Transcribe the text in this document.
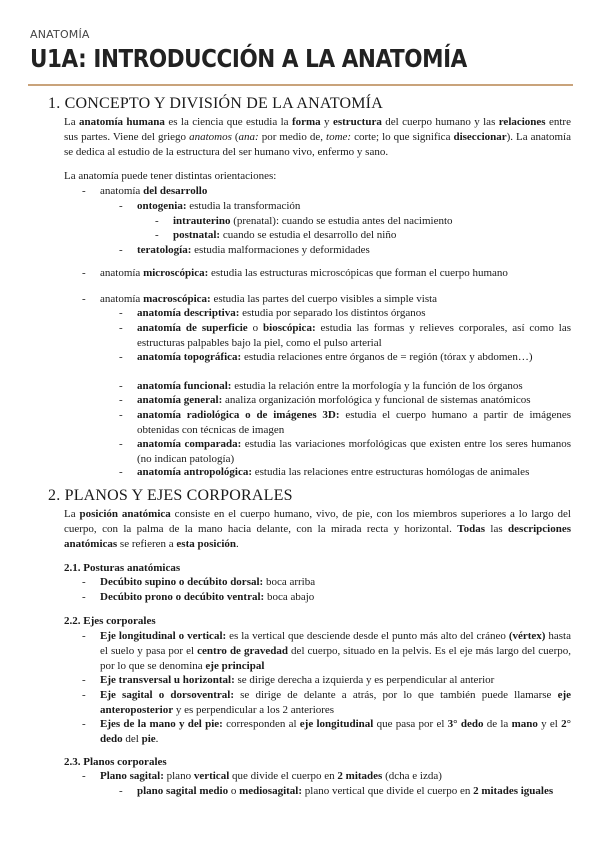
ANATOMÍA
U1A: INTRODUCCIÓN A LA ANATOMÍA
1. CONCEPTO Y DIVISIÓN DE LA ANATOMÍA
La anatomía humana es la ciencia que estudia la forma y estructura del cuerpo humano y las relaciones entre sus partes. Viene del griego anatomos (ana: por medio de, tome: corte; lo que significa diseccionar). La anatomía se dedica al estudio de la estructura del ser humano vivo, enfermo y sano.
La anatomía puede tener distintas orientaciones:
- anatomía del desarrollo
- ontogenia: estudia la transformación
- intrauterino (prenatal): cuando se estudia antes del nacimiento
- postnatal: cuando se estudia el desarrollo del niño
- teratología: estudia malformaciones y deformidades
- anatomía microscópica: estudia las estructuras microscópicas que forman el cuerpo humano
- anatomía macroscópica: estudia las partes del cuerpo visibles a simple vista
- anatomía descriptiva: estudia por separado los distintos órganos
- anatomía de superficie o bioscópica: estudia las formas y relieves corporales, así como las estructuras palpables bajo la piel, como el pulso arterial
- anatomía topográfica: estudia relaciones entre órganos de = región (tórax y abdomen…)
- anatomía funcional: estudia la relación entre la morfología y la función de los órganos
- anatomía general: analiza organización morfológica y funcional de sistemas anatómicos
- anatomía radiológica o de imágenes 3D: estudia el cuerpo humano a partir de imágenes obtenidas con técnicas de imagen
- anatomía comparada: estudia las variaciones morfológicas que existen entre los seres humanos (no indican patología)
- anatomía antropológica: estudia las relaciones entre estructuras homólogas de animales
2. PLANOS Y EJES CORPORALES
La posición anatómica consiste en el cuerpo humano, vivo, de pie, con los miembros superiores a lo largo del cuerpo, con la palma de la mano hacia delante, con la mirada recta y horizontal. Todas las descripciones anatómicas se refieren a esta posición.
2.1. Posturas anatómicas
- Decúbito supino o decúbito dorsal: boca arriba
- Decúbito prono o decúbito ventral: boca abajo
2.2. Ejes corporales
- Eje longitudinal o vertical: es la vertical que desciende desde el punto más alto del cráneo (vértex) hasta el suelo y pasa por el centro de gravedad del cuerpo, situado en la pelvis. Es el eje más largo del cuerpo, por lo que se denomina eje principal
- Eje transversal u horizontal: se dirige derecha a izquierda y es perpendicular al anterior
- Eje sagital o dorsoventral: se dirige de delante a atrás, por lo que también puede llamarse eje anteroposterior y es perpendicular a los 2 anteriores
- Ejes de la mano y del pie: corresponden al eje longitudinal que pasa por el 3° dedo de la mano y el 2° dedo del pie.
2.3. Planos corporales
- Plano sagital: plano vertical que divide el cuerpo en 2 mitades (dcha e izda)
- plano sagital medio o mediosagital: plano vertical que divide el cuerpo en 2 mitades iguales
